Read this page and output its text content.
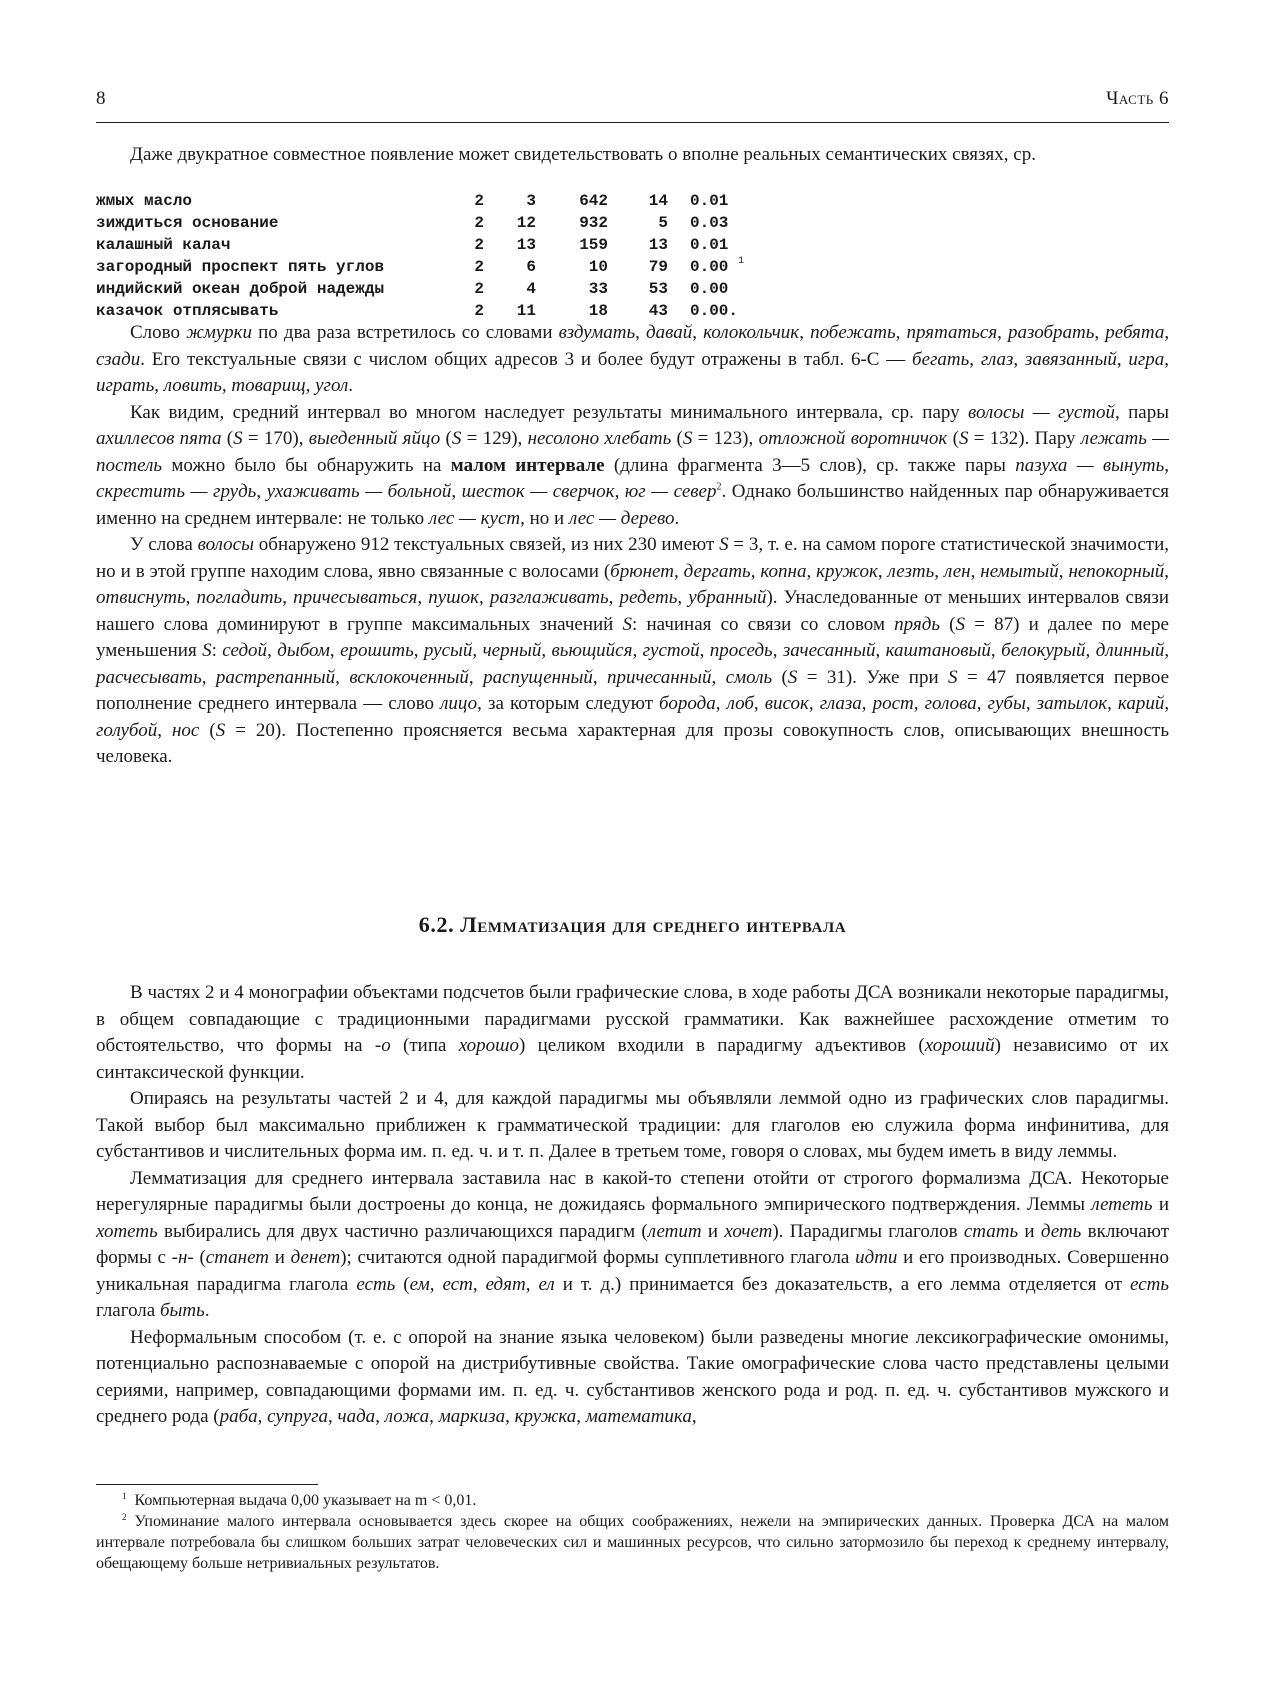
8	Часть 6

Даже двукратное совместное появление может свидетельствовать о вполне реальных семантических связях, ср.

жмых масло	2	3	642	14 0.01
зиждиться основание	2	12	932	5 0.03
калашный калач	2	13	159	13 0.01
загородный проспект пять углов	2	6	10	79 0.00 1
индийский океан доброй надежды	2	4	33	53 0.00
казачок отплясывать	2	11	18	43 0.00.

Слово жмурки по два раза встретилось со словами вздумать, давай, колокольчик, побежать, прятаться, разобрать, ребята, сзади. Его текстуальные связи с числом общих адресов 3 и более будут отражены в табл. 6-С — бегать, глаз, завязанный, игра, играть, ловить, товарищ, угол.

Как видим, средний интервал во многом наследует результаты минимального интервала, ср. пару волосы — густой, пары ахиллесов пята (S = 170), выеденный яйцо (S = 129), несолоно хлебать (S = 123), отложной воротничок (S = 132). Пару лежать — постель можно было бы обнаружить на малом интервале (длина фрагмента 3—5 слов), ср. также пары пазуха — вынуть, скрестить — грудь, ухаживать — больной, шесток — сверчок, юг — север$^2$. Однако большинство найденных пар обнаруживается именно на среднем интервале: не только лес — куст, но и лес — дерево.

У слова волосы обнаружено 912 текстуальных связей, из них 230 имеют S = 3, т. е. на самом пороге статистической значимости, но и в этой группе находим слова, явно связанные с волосами (брюнет, дергать, копна, кружок, лезть, лен, немытый, непокорный, отвиснуть, погладить, причесываться, пушок, разглаживать, редеть, убранный). Унаследованные от меньших интервалов связи нашего слова доминируют в группе максимальных значений S: начиная со связи со словом прядь (S = 87) и далее по мере уменьшения S: седой, дыбом, ерошить, русый, черный, вьющийся, густой, проседь, зачесанный, каштановый, белокурый, длинный, расчесывать, растрепанный, всклокоченный, распущенный, причесанный, смоль (S = 31). Уже при S = 47 появляется первое пополнение среднего интервала — слово лицо, за которым следуют борода, лоб, висок, глаза, рост, голова, губы, затылок, карий, голубой, нос (S = 20). Постепенно проясняется весьма характерная для прозы совокупность слов, описывающих внешность человека.

6.2. Лемматизация для среднего интервала

В частях 2 и 4 монографии объектами подсчетов были графические слова, в ходе работы ДСА возникали некоторые парадигмы, в общем совпадающие с традиционными парадигмами русской грамматики. Как важнейшее расхождение отметим то обстоятельство, что формы на -о (типа хорошо) целиком входили в парадигму адъективов (хороший) независимо от их синтаксической функции.

Опираясь на результаты частей 2 и 4, для каждой парадигмы мы объявляли леммой одно из графических слов парадигмы. Такой выбор был максимально приближен к грамматической традиции: для глаголов ею служила форма инфинитива, для субстантивов и числительных форма им. п. ед. ч. и т. п. Далее в третьем томе, говоря о словах, мы будем иметь в виду леммы.

Лемматизация для среднего интервала заставила нас в какой-то степени отойти от строгого формализма ДСА. Некоторые нерегулярные парадигмы были достроены до конца, не дожидаясь формального эмпирического подтверждения. Леммы лететь и хотеть выбирались для двух частично различающихся парадигм (летит и хочет). Парадигмы глаголов стать и деть включают формы с -н- (станет и денет); считаются одной парадигмой формы супплетивного глагола идти и его производных. Совершенно уникальная парадигма глагола есть (ем, ест, едят, ел и т. д.) принимается без доказательств, а его лемма отделяется от есть глагола быть.

Неформальным способом (т. е. с опорой на знание языка человеком) были разведены многие лексикографические омонимы, потенциально распознаваемые с опорой на дистрибутивные свойства. Такие омографические слова часто представлены целыми сериями, например, совпадающими формами им. п. ед. ч. субстантивов женского рода и род. п. ед. ч. субстантивов мужского и среднего рода (раба, супруга, чада, ложа, маркиза, кружка, математика,

$^1$ Компьютерная выдача 0,00 указывает на m < 0,01.

$^2$ Упоминание малого интервала основывается здесь скорее на общих соображениях, нежели на эмпирических данных. Проверка ДСА на малом интервале потребовала бы слишком больших затрат человеческих сил и машинных ресурсов, что сильно затормозило бы переход к среднему интервалу, обещающему больше нетривиальных результатов.
